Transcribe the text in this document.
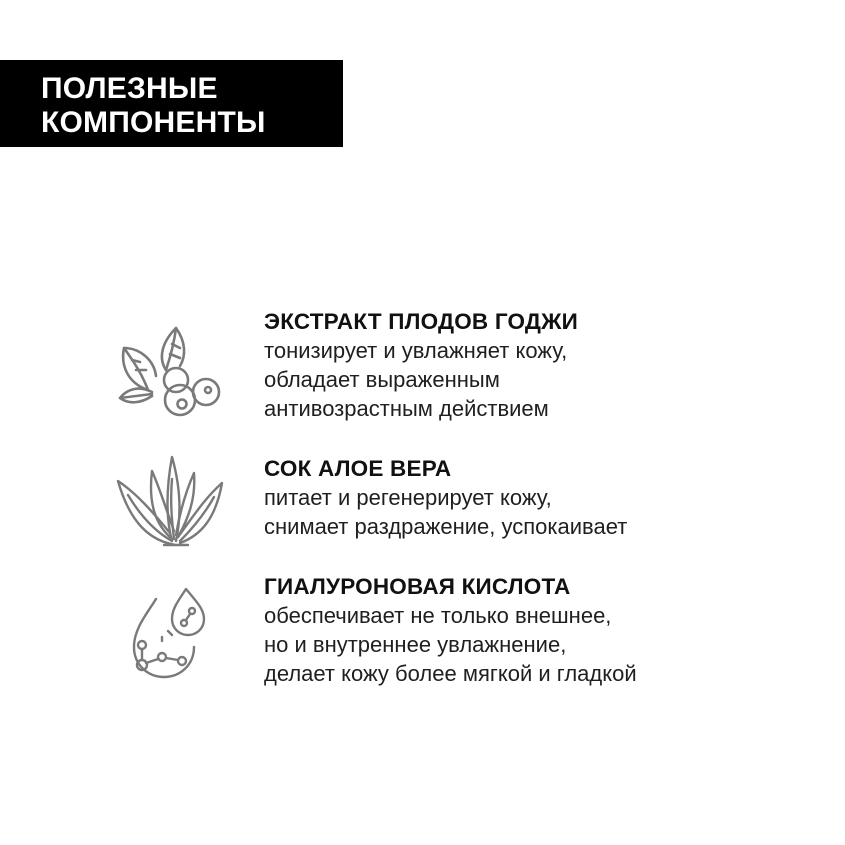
ПОЛЕЗНЫЕ
КОМПОНЕНТЫ
ЭКСТРАКТ ПЛОДОВ ГОДЖИ
тонизирует и увлажняет кожу,
обладает выраженным
антивозрастным действием
СОК АЛОЕ ВЕРА
питает и регенерирует кожу,
снимает раздражение, успокаивает
ГИАЛУРОНОВАЯ КИСЛОТА
обеспечивает не только внешнее,
но и внутреннее увлажнение,
делает кожу более мягкой и гладкой
